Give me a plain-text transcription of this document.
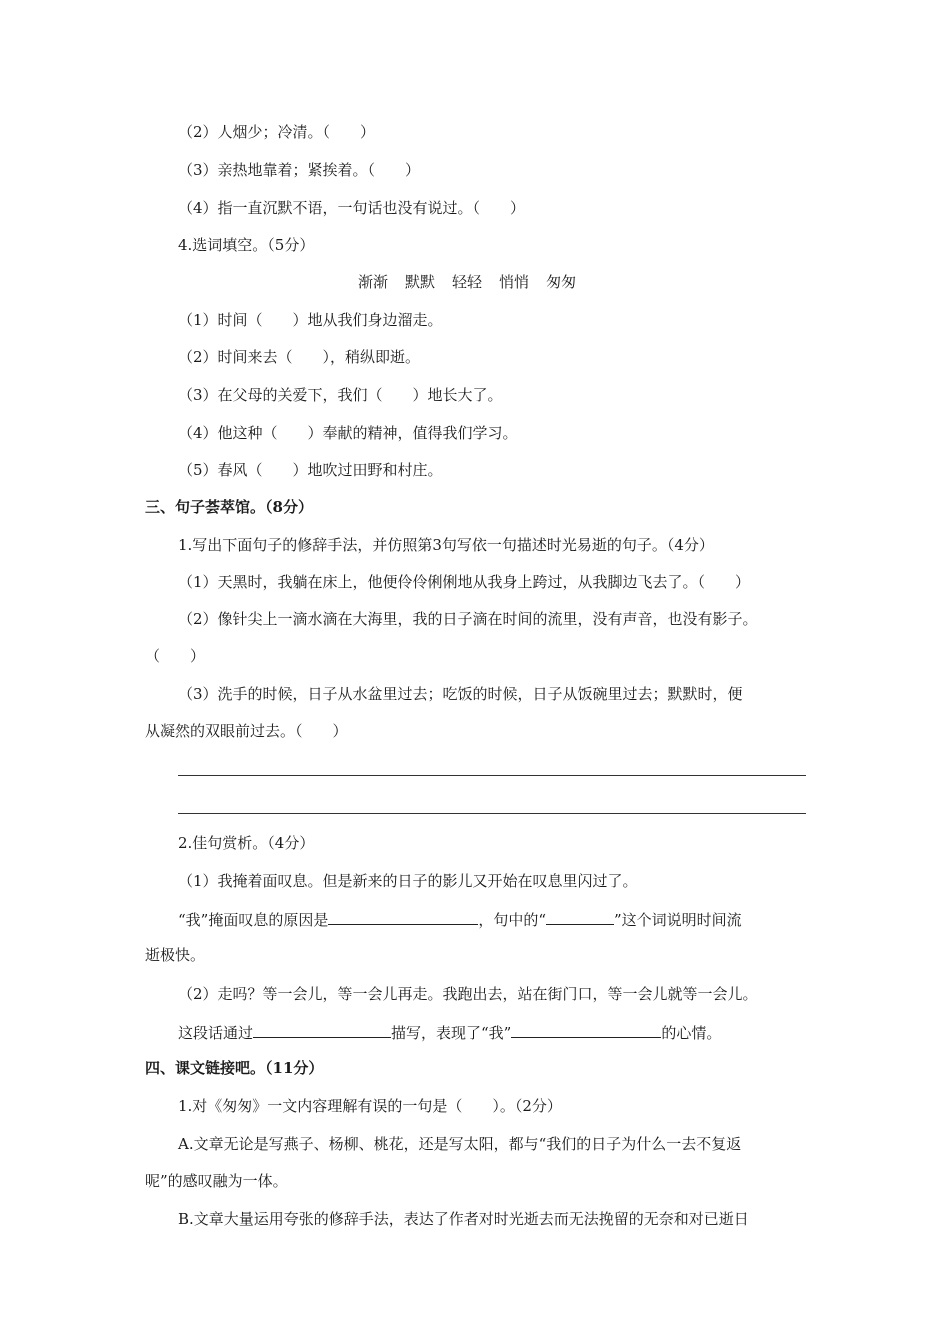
（2）人烟少；冷清。（　　）
（3）亲热地靠着；紧挨着。（　　）
（4）指一直沉默不语，一句话也没有说过。（　　）
4.选词填空。（5分）
渐渐 默默 轻轻 悄悄 匆匆
（1）时间（　　）地从我们身边溜走。
（2）时间来去（　　），稍纵即逝。
（3）在父母的关爱下，我们（　　）地长大了。
（4）他这种（　　）奉献的精神，值得我们学习。
（5）春风（　　）地吹过田野和村庄。
三、句子荟萃馆。（8分）
1.写出下面句子的修辞手法，并仿照第3句写依一句描述时光易逝的句子。（4分）
（1）天黑时，我躺在床上，他便伶伶俐俐地从我身上跨过，从我脚边飞去了。（　　）
（2）像针尖上一滴水滴在大海里，我的日子滴在时间的流里，没有声音，也没有影子。
（　　）
（3）洗手的时候，日子从水盆里过去；吃饭的时候，日子从饭碗里过去；默默时，便
从凝然的双眼前过去。（　　）
2.佳句赏析。（4分）
（1）我掩着面叹息。但是新来的日子的影儿又开始在叹息里闪过了。
“我”掩面叹息的原因是	，句中的“	”这个词说明时间流
逝极快。
（2）走吗？等一会儿，等一会儿再走。我跑出去，站在街门口，等一会儿就等一会儿。
这段话通过	描写，表现了“我”	的心情。
四、课文链接吧。（11分）
1.对《匆匆》一文内容理解有误的一句是（　　）。（2分）
A.文章无论是写燕子、杨柳、桃花，还是写太阳，都与“我们的日子为什么一去不复返
呢”的感叹融为一体。
B.文章大量运用夸张的修辞手法，表达了作者对时光逝去而无法挽留的无奈和对已逝日
